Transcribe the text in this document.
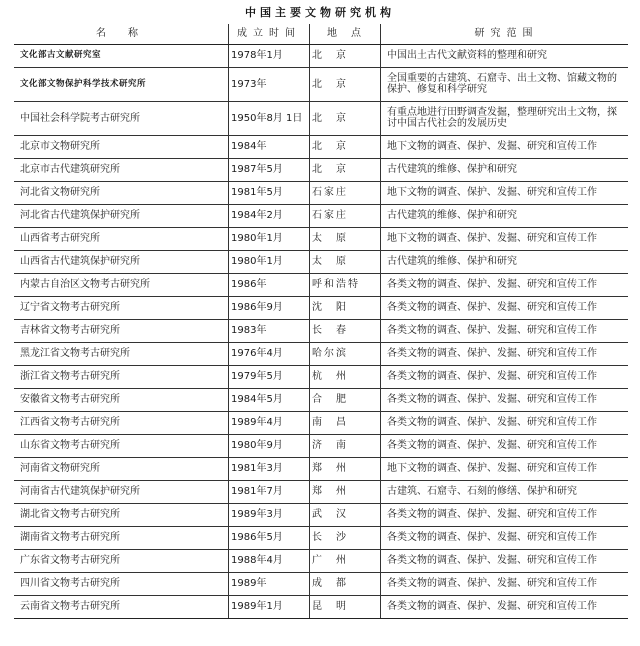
中国主要文物研究机构
名　称	成立时间	地　点	研究范围
文化部古文献研究室	1978年1月	北　京	中国出土古代文献资料的整理和研究
文化部文物保护科学技术研究所	1973年	北　京	全国重要的古建筑、石窟寺、出土文物、馆藏文物的保护、修复和科学研究
中国社会科学院考古研究所	1950年8月 1日	北　京	有重点地进行田野调查发掘，整理研究出土文物，探讨中国古代社会的发展历史
北京市文物研究所	1984年	北　京	地下文物的调查、保护、发掘、研究和宣传工作
北京市古代建筑研究所	1987年5月	北　京	古代建筑的维修、保护和研究
河北省文物研究所	1981年5月	石家庄	地下文物的调查、保护、发掘、研究和宣传工作
河北省古代建筑保护研究所	1984年2月	石家庄	古代建筑的维修、保护和研究
山西省考古研究所	1980年1月	太　原	地下文物的调查、保护、发掘、研究和宣传工作
山西省古代建筑保护研究所	1980年1月	太　原	古代建筑的维修、保护和研究
内蒙古自治区文物考古研究所	1986年	呼和浩特	各类文物的调查、保护、发掘、研究和宣传工作
辽宁省文物考古研究所	1986年9月	沈　阳	各类文物的调查、保护、发掘、研究和宣传工作
吉林省文物考古研究所	1983年	长　春	各类文物的调查、保护、发掘、研究和宣传工作
黑龙江省文物考古研究所	1976年4月	哈尔滨	各类文物的调查、保护、发掘、研究和宣传工作
浙江省文物考古研究所	1979年5月	杭　州	各类文物的调查、保护、发掘、研究和宣传工作
安徽省文物考古研究所	1984年5月	合　肥	各类文物的调查、保护、发掘、研究和宣传工作
江西省文物考古研究所	1989年4月	南　昌	各类文物的调查、保护、发掘、研究和宣传工作
山东省文物考古研究所	1980年9月	济　南	各类文物的调查、保护、发掘、研究和宣传工作
河南省文物研究所	1981年3月	郑　州	地下文物的调查、保护、发掘、研究和宣传工作
河南省古代建筑保护研究所	1981年7月	郑　州	古建筑、石窟寺、石刻的修缮、保护和研究
湖北省文物考古研究所	1989年3月	武　汉	各类文物的调查、保护、发掘、研究和宣传工作
湖南省文物考古研究所	1986年5月	长　沙	各类文物的调查、保护、发掘、研究和宣传工作
广东省文物考古研究所	1988年4月	广　州	各类文物的调查、保护、发掘、研究和宣传工作
四川省文物考古研究所	1989年	成　都	各类文物的调查、保护、发掘、研究和宣传工作
云南省文物考古研究所	1989年1月	昆　明	各类文物的调查、保护、发掘、研究和宣传工作
